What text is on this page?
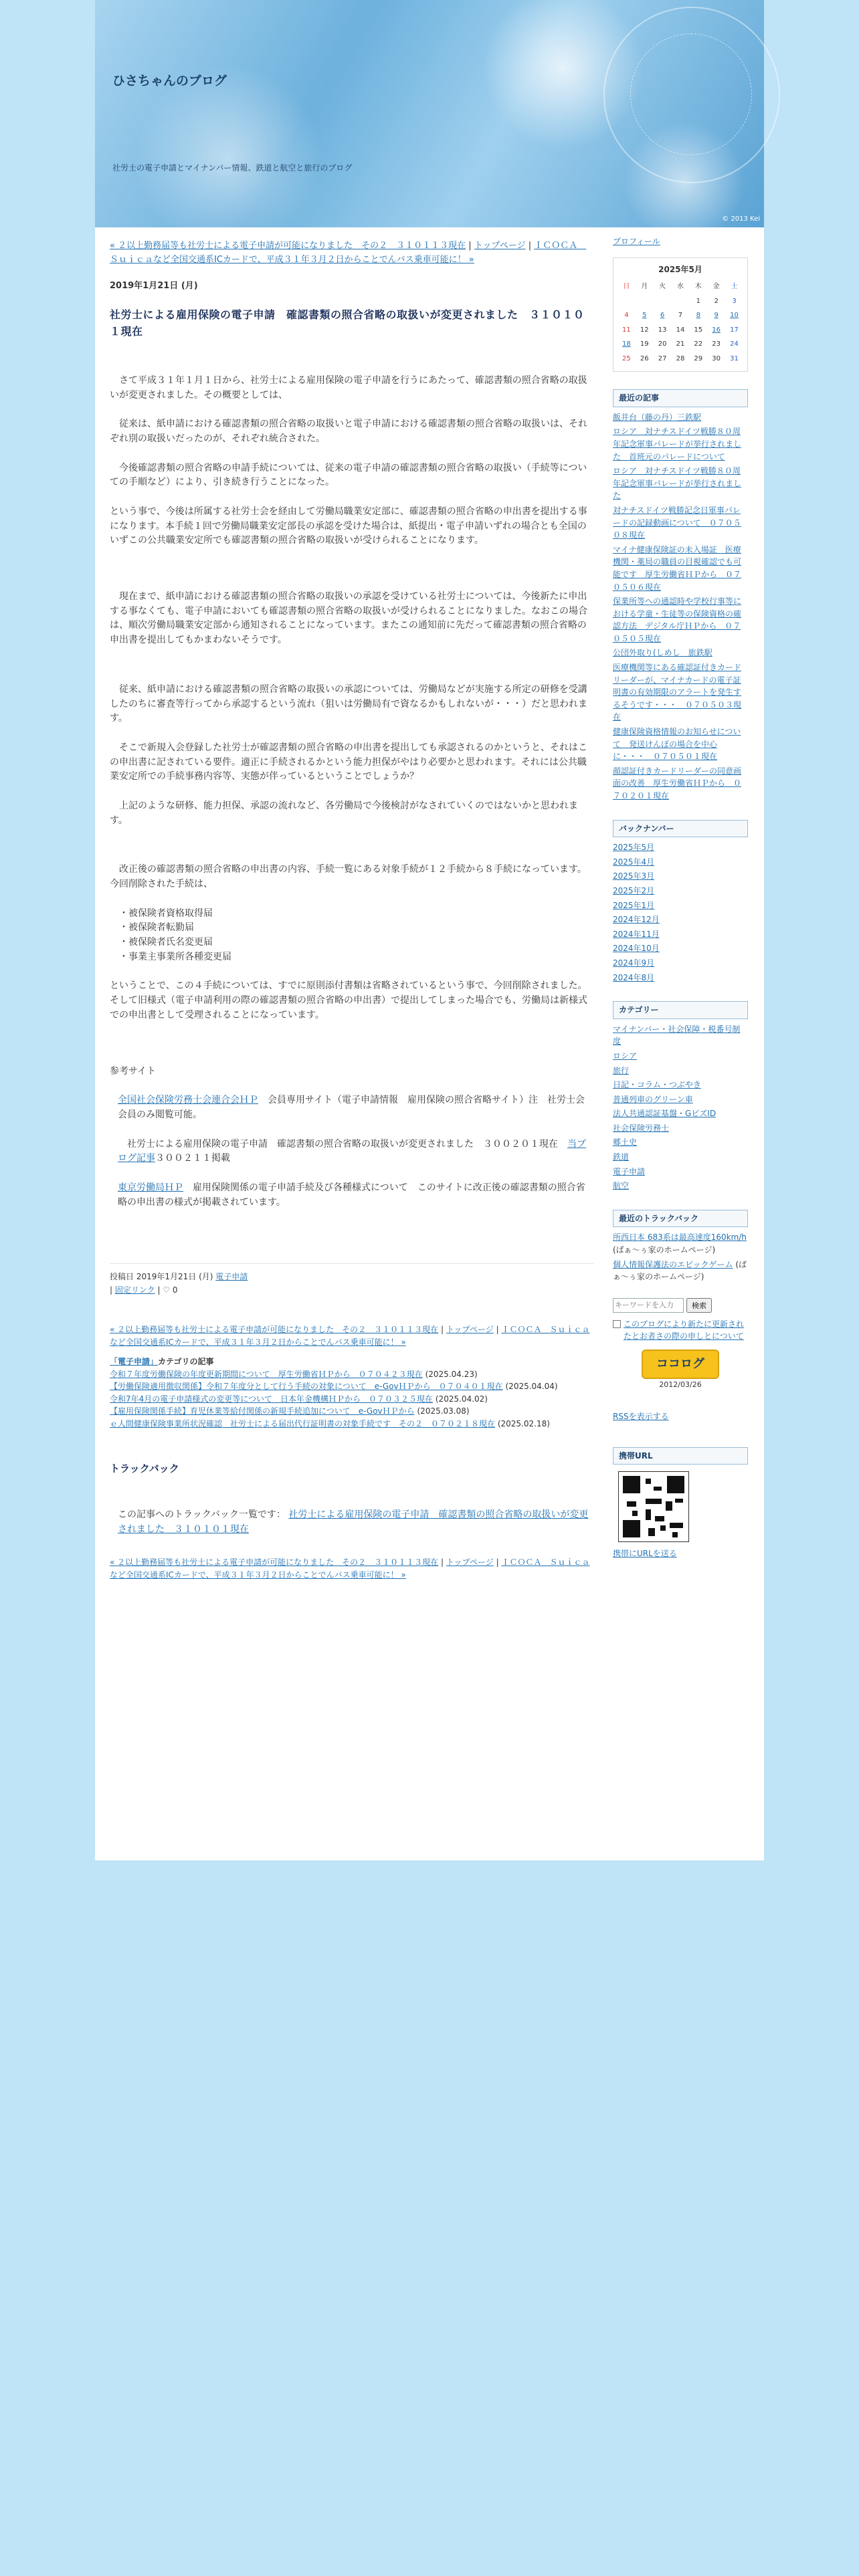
ひさちゃんのブログ
社労士の電子申請とマイナンバー情報、鉄道と航空と旅行のブログ
© 2013 Kei
« ２以上勤務届等も社労士による電子申請が可能になりました　その２　３１０１１３現在 | トップページ | ＩＣＯＣＡ　Ｓｕｉｃａなど全国交通系ICカードで、平成３１年３月２日からことでんバス乗車可能に！ »
2019年1月21日 (月)
社労士による雇用保険の電子申請　確認書類の照合省略の取扱いが変更されました　３１０１０１現在

　さて平成３１年１月１日から、社労士による雇用保険の電子申請を行うにあたって、確認書類の照合省略の取扱いが変更されました。その概要としては、

　従来は、紙申請における確認書類の照合省略の取扱いと電子申請における確認書類の照合省略の取扱いは、それぞれ別の取扱いだったのが、それぞれ統合された。

　今後確認書類の照合省略の申請手続については、従来の電子申請の確認書類の照合省略の取扱い（手続等についての手順など）により、引き続き行うことになった。

という事で、今後は所属する社労士会を経由して労働局職業安定部に、確認書類の照合省略の申出書を提出する事になります。本手続１回で労働局職業安定部長の承認を受けた場合は、紙提出・電子申請いずれの場合とも全国のいずこの公共職業安定所でも確認書類の照合省略の取扱いが受けられることになります。

　現在まで、紙申請における確認書類の照合省略の取扱いの承認を受けている社労士については、今後新たに申出する事なくても、電子申請においても確認書類の照合省略の取扱いが受けられることになりました。なおこの場合は、順次労働局職業安定部から通知されることになっています。またこの通知前に先だって確認書類の照合省略の申出書を提出してもかまわないそうです。

　従来、紙申請における確認書類の照合省略の取扱いの承認については、労働局などが実施する所定の研修を受講したのちに審査等行ってから承認するという流れ（狙いは労働局有で資なるかもしれないが・・・）だと思われます。

　そこで新規入会登録した社労士が確認書類の照合省略の申出書を提出しても承認されるのかというと、それはこの申出書に記されている要件。適正に手続されるかという能力担保がやはり必要かと思われます。それには公共職業安定所での手続事務内容等、実態が伴っているということでしょうか？

　上記のような研修、能力担保、承認の流れなど、各労働局で今後検討がなされていくのではないかと思われます。

　改正後の確認書類の照合省略の申出書の内容、手続一覧にある対象手続が１２手続から８手続になっています。今回削除された手続は、

・被保険者資格取得届
・被保険者転勤届
・被保険者氏名変更届
・事業主事業所各種変更届

ということで、この４手続については、すでに原則添付書類は省略されているという事で、今回削除されました。そして旧様式（電子申請利用の際の確認書類の照合省略の申出書）で提出してしまった場合でも、労働局は新様式での申出書として受理されることになっています。

参考サイト

全国社会保険労務士会連合会ＨＰ　会員専用サイト（電子申請情報　雇用保険の照合省略サイト）注　社労士会会員のみ閲覧可能。

　社労士による雇用保険の電子申請　確認書類の照合省略の取扱いが変更されました　３００２０１現在　当ブログ記事３００２１１掲載

東京労働局ＨＰ　雇用保険関係の電子申請手続及び各種様式について　このサイトに改正後の確認書類の照合省略の申出書の様式が掲載されています。

投稿日 2019年1月21日 (月) 電子申請
| 固定リンク | ♡ 0
« ２以上勤務届等も社労士による電子申請が可能になりました　その２　３１０１１３現在 | トップページ | ＩＣＯＣＡ　Ｓｕｉｃａなど全国交通系ICカードで、平成３１年３月２日からことでんバス乗車可能に！ »
「電子申請」カテゴリの記事
令和７年度労働保険の年度更新期間について　厚生労働省ＨＰから　０７０４２３現在 (2025.04.23)
【労働保険適用徴収関係】令和７年度分として行う手続の対象について　e-GovＨＰから　０７０４０１現在 (2025.04.04)
令和7年4月の電子申請様式の変更等について　日本年金機構ＨＰから　０７０３２５現在 (2025.04.02)
【雇用保険関係手続】育児休業等給付関係の新規手続追加について　e-GovＨＰから (2025.03.08)
ｅ人間健康保険事業所状況確認　社労士による届出代行証明書の対象手続です　その２　０７０２１８現在 (2025.02.18)
トラックバック
この記事へのトラックバック一覧です： 社労士による雇用保険の電子申請　確認書類の照合省略の取扱いが変更されました　３１０１０１現在
« ２以上勤務届等も社労士による電子申請が可能になりました　その２　３１０１１３現在 | トップページ | ＩＣＯＣＡ　Ｓｕｉｃａなど全国交通系ICカードで、平成３１年３月２日からことでんバス乗車可能に！ »
プロフィール
2025年5月
日	月	火	水	木	金	土
				1	2	3
4	5	6	7	8	9	10
11	12	13	14	15	16	17
18	19	20	21	22	23	24
25	26	27	28	29	30	31
最近の記事
飯井台（藤の丹）三鉄駅
ロシア　対ナチスドイツ戦勝８０周年記念軍事パレードが挙行されました　首班元のパレードについて
ロシア　対ナチスドイツ戦勝８０周年記念軍事パレードが挙行されました
対ナチスドイツ戦勝記念日軍事パレードの記録動画について　０７０５０８現在
マイナ健康保険証の未入場証　医療機関・薬局の職員の目視確認でも可能です　厚生労働省ＨＰから　０７０５０６現在
保業所等への通認時や学校行事等における学童・生徒等の保険資格の確認方法　デジタル庁ＨＰから　０７０５０５現在
公団外取り(しめし　旅鉄駅
医療機関等にある確認証付きカードリーダーが、マイナカードの電子証明書の有効期限のアラートを発生するそうです・・・　０７０５０３現在
健康保険資格情報のお知らせについて　発送けんぽの場合を中心に・・・　０７０５０１現在
顔認証付きカードリーダーの同意画面の改善　厚生労働省ＨＰから　０７０２０１現在
バックナンバー
2025年5月
2025年4月
2025年3月
2025年2月
2025年1月
2024年12月
2024年11月
2024年10月
2024年9月
2024年8月
カテゴリー
マイナンバー・社会保障・税番号制度
ロシア
旅行
日記・コラム・つぶやき
普通列車のグリーン車
法人共通認証基盤・GビズID
社会保険労務士
郷土史
鉄道
電子申請
航空
最近のトラックバック
所西日本 683系は最高速度160km/h (ばぁ〜ぅ家のホームページ)
個人情報保護法のエピックゲーム (ばぁ〜ぅ家のホームページ)
キーワードを入力
検索
このブログにより新たに更新されたとお者さの際の申しとについて
ココログ
2012/03/26
RSSを表示する
携帯URL
携帯にURLを送る
